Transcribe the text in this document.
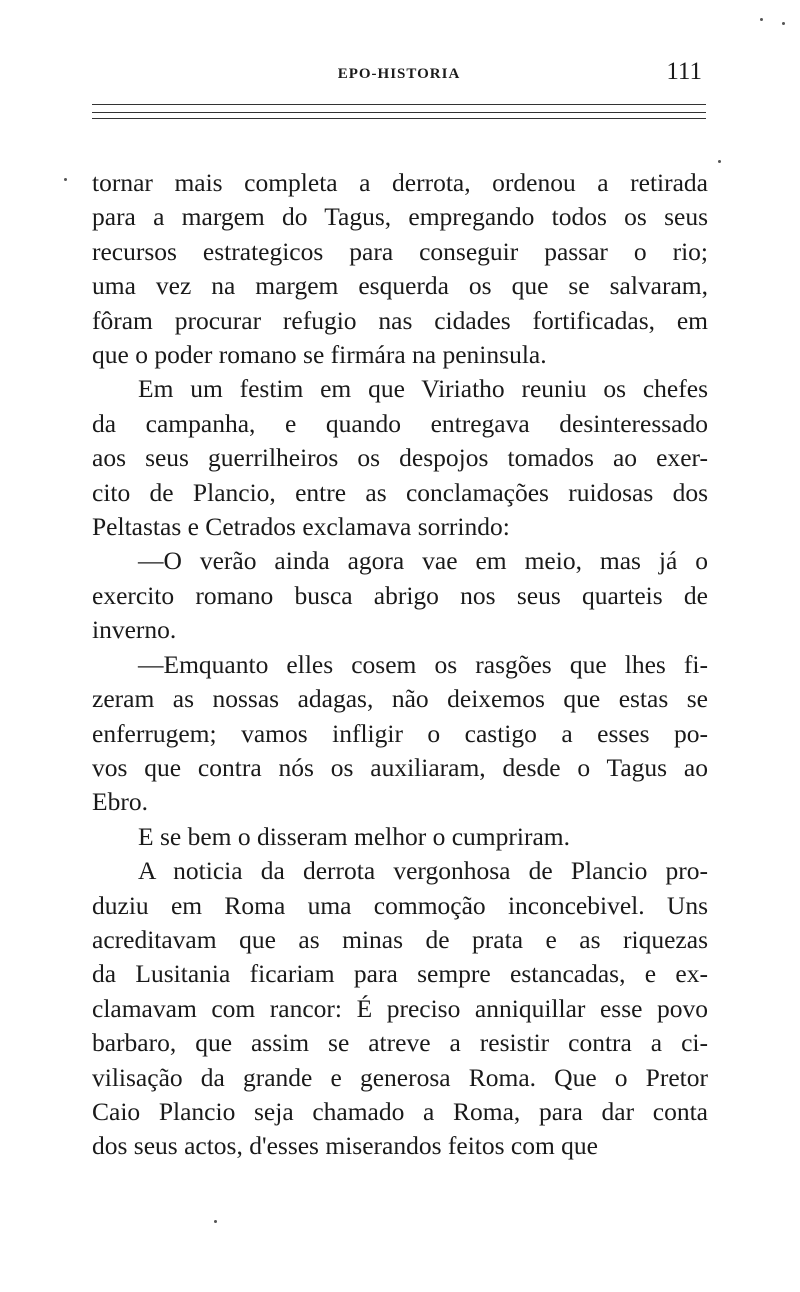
EPO-HISTORIA	111
tornar mais completa a derrota, ordenou a retirada
para a margem do Tagus, empregando todos os seus
recursos estrategicos para conseguir passar o rio;
uma vez na margem esquerda os que se salvaram,
fôram procurar refugio nas cidades fortificadas, em
que o poder romano se firmára na peninsula.
Em um festim em que Viriatho reuniu os chefes
da campanha, e quando entregava desinteressado
aos seus guerrilheiros os despojos tomados ao exer-
cito de Plancio, entre as conclamações ruidosas dos
Peltastas e Cetrados exclamava sorrindo:
—O verão ainda agora vae em meio, mas já o
exercito romano busca abrigo nos seus quarteis de
inverno.
—Emquanto elles cosem os rasgões que lhes fi-
zeram as nossas adagas, não deixemos que estas se
enferrugem; vamos infligir o castigo a esses po-
vos que contra nós os auxiliaram, desde o Tagus ao
Ebro.
E se bem o disseram melhor o cumpriram.
A noticia da derrota vergonhosa de Plancio pro-
duziu em Roma uma commoção inconcebivel. Uns
acreditavam que as minas de prata e as riquezas
da Lusitania ficariam para sempre estancadas, e ex-
clamavam com rancor: É preciso anniquillar esse povo
barbaro, que assim se atreve a resistir contra a ci-
vilisação da grande e generosa Roma. Que o Pretor
Caio Plancio seja chamado a Roma, para dar conta
dos seus actos, d'esses miserandos feitos com que
